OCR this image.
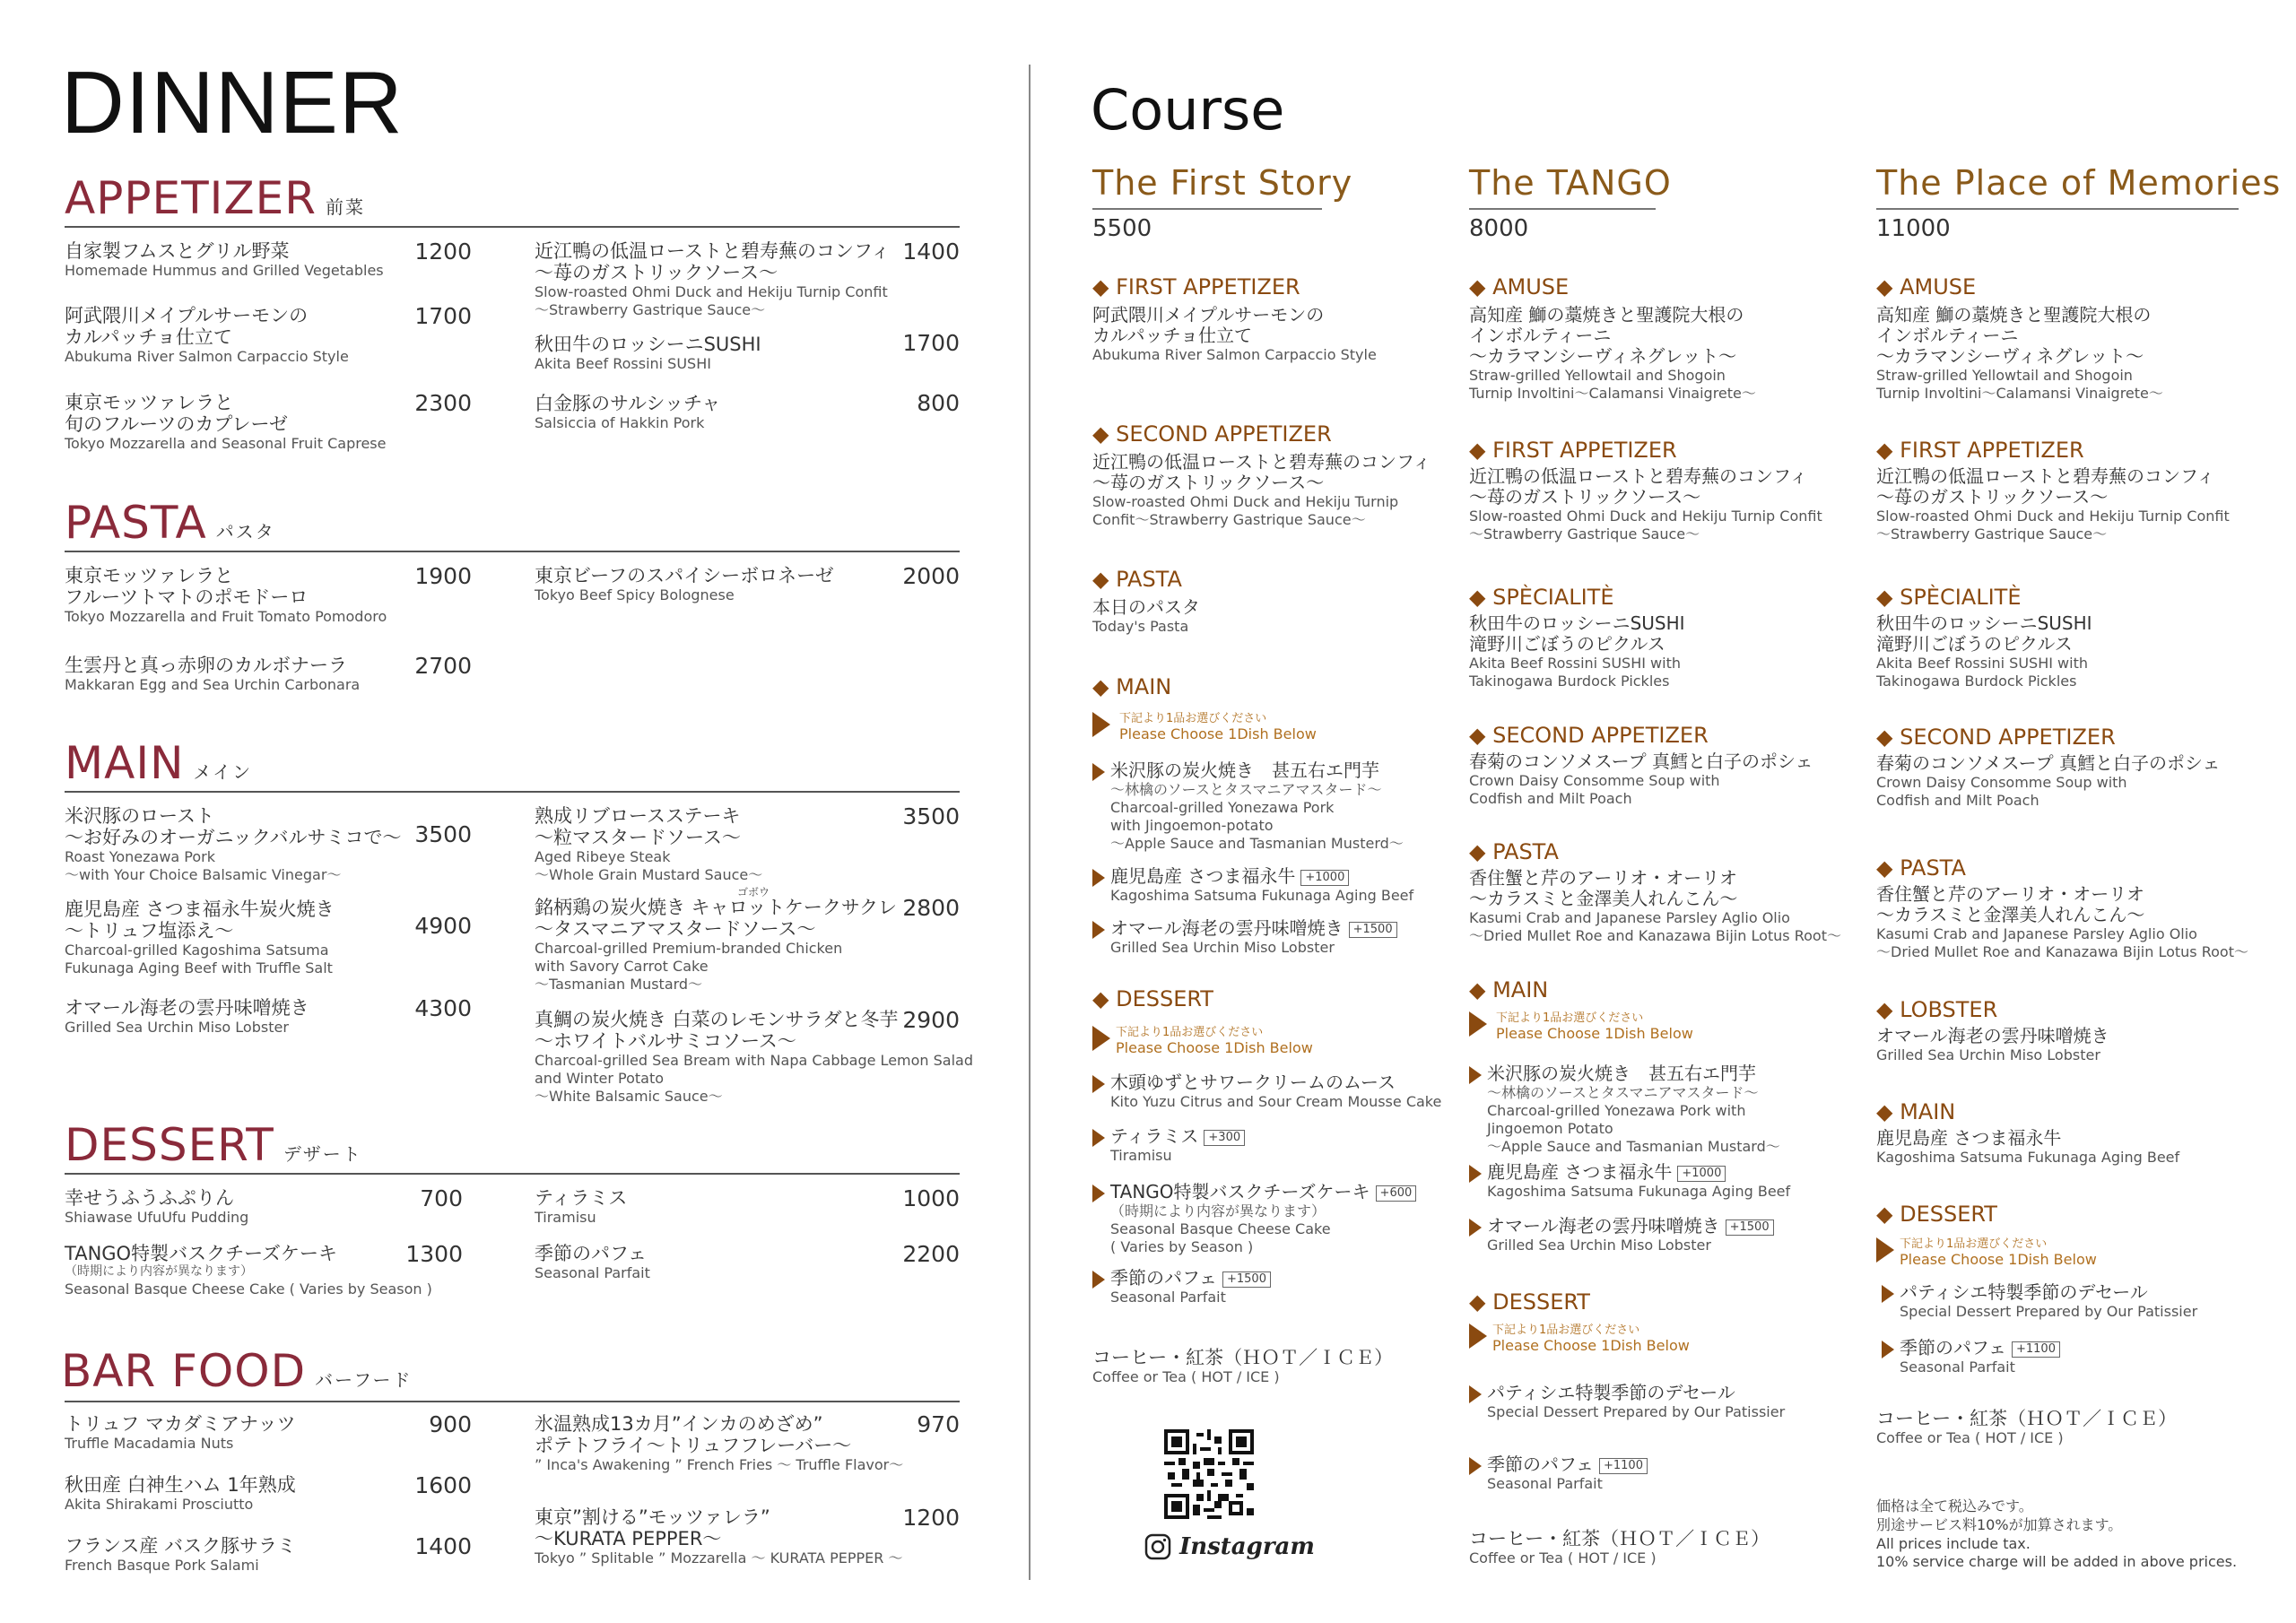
DINNER
APPETIZER 前菜
自家製フムスとグリル野菜
Homemade Hummus and Grilled Vegetables
1200
阿武隈川メイプルサーモンの
カルパッチョ仕立て
Abukuma River Salmon Carpaccio Style
1700
東京モッツァレラと
旬のフルーツのカプレーゼ
Tokyo Mozzarella and Seasonal Fruit Caprese
2300
近江鴨の低温ローストと碧寿蕪のコンフィ
～苺のガストリックソース～
Slow-roasted Ohmi Duck and Hekiju Turnip Confit
～Strawberry Gastrique Sauce～
1400
秋田牛のロッシーニSUSHI
Akita Beef Rossini SUSHI
1700
白金豚のサルシッチャ
Salsiccia of Hakkin Pork
800
PASTA パスタ
東京モッツァレラと
フルーツトマトのポモドーロ
Tokyo Mozzarella and Fruit Tomato Pomodoro
1900
生雲丹と真っ赤卵のカルボナーラ
Makkaran Egg and Sea Urchin Carbonara
2700
東京ビーフのスパイシーボロネーゼ
Tokyo Beef Spicy Bolognese
2000
MAIN メイン
米沢豚のロースト
～お好みのオーガニックバルサミコで～
Roast Yonezawa Pork
～with Your Choice Balsamic Vinegar～
3500
鹿児島産 さつま福永牛炭火焼き
～トリュフ塩添え～
Charcoal-grilled Kagoshima Satsuma
Fukunaga Aging Beef with Truffle Salt
4900
オマール海老の雲丹味噌焼き
Grilled Sea Urchin Miso Lobster
4300
熟成リブロースステーキ
～粒マスタードソース～
Aged Ribeye Steak
～Whole Grain Mustard Sauce～
3500
ゴボウ
銘柄鶏の炭火焼き キャロットケークサクレ
～タスマニアマスタードソース～
Charcoal-grilled Premium-branded Chicken
with Savory Carrot Cake
～Tasmanian Mustard～
2800
真鯛の炭火焼き 白菜のレモンサラダと冬芋
～ホワイトバルサミコソース～
Charcoal-grilled Sea Bream with Napa Cabbage Lemon Salad
and Winter Potato
～White Balsamic Sauce～
2900
DESSERT デザート
幸せうふうふぷりん
Shiawase UfuUfu Pudding
700
TANGO特製バスクチーズケーキ
（時期により内容が異なります）
Seasonal Basque Cheese Cake ( Varies by Season )
1300
ティラミス
Tiramisu
1000
季節のパフェ
Seasonal Parfait
2200
BAR FOOD バーフード
トリュフ マカダミアナッツ
Truffle Macadamia Nuts
900
秋田産 白神生ハム 1年熟成
Akita Shirakami Prosciutto
1600
フランス産 バスク豚サラミ
French Basque Pork Salami
1400
氷温熟成13カ月”インカのめざめ”
ポテトフライ～トリュフフレーバー～
” Inca's Awakening ” French Fries ～ Truffle Flavor～
970
東京”割ける”モッツァレラ”
～KURATA PEPPER～
Tokyo ” Splitable ” Mozzarella ～ KURATA PEPPER ～
1200
Course
The First Story
5500
◆ FIRST APPETIZER
阿武隈川メイプルサーモンの
カルパッチョ仕立て
Abukuma River Salmon Carpaccio Style
◆ SECOND APPETIZER
近江鴨の低温ローストと碧寿蕪のコンフィ
～苺のガストリックソース～
Slow-roasted Ohmi Duck and Hekiju Turnip
Confit～Strawberry Gastrique Sauce～
◆ PASTA
本日のパスタ
Today's Pasta
◆ MAIN
下記より1品お選びください
Please Choose 1Dish Below
米沢豚の炭火焼き　甚五右エ門芋
～林檎のソースとタスマニアマスタード～
Charcoal-grilled Yonezawa Pork
with Jingoemon-potato
～Apple Sauce and Tasmanian Musterd～
鹿児島産 さつま福永牛 +1000
Kagoshima Satsuma Fukunaga Aging Beef
オマール海老の雲丹味噌焼き +1500
Grilled Sea Urchin Miso Lobster
◆ DESSERT
下記より1品お選びください
Please Choose 1Dish Below
木頭ゆずとサワークリームのムース
Kito Yuzu Citrus and Sour Cream Mousse Cake
ティラミス +300
Tiramisu
TANGO特製バスクチーズケーキ +600
（時期により内容が異なります）
Seasonal Basque Cheese Cake
( Varies by Season )
季節のパフェ +1500
Seasonal Parfait
コーヒー・紅茶（ＨＯＴ／ＩＣＥ）
Coffee or Tea ( HOT / ICE )
Instagram
The TANGO
8000
◆ AMUSE
高知産 鰤の藁焼きと聖護院大根の
インボルティーニ
～カラマンシーヴィネグレット～
Straw-grilled Yellowtail and Shogoin
Turnip Involtini～Calamansi Vinaigrete～
◆ FIRST APPETIZER
近江鴨の低温ローストと碧寿蕪のコンフィ
～苺のガストリックソース～
Slow-roasted Ohmi Duck and Hekiju Turnip Confit
～Strawberry Gastrique Sauce～
◆ SPÈCIALITÈ
秋田牛のロッシーニSUSHI
滝野川ごぼうのピクルス
Akita Beef Rossini SUSHI with
Takinogawa Burdock Pickles
◆ SECOND APPETIZER
春菊のコンソメスープ 真鱈と白子のポシェ
Crown Daisy Consomme Soup with
Codfish and Milt Poach
◆ PASTA
香住蟹と芹のアーリオ・オーリオ
～カラスミと金澤美人れんこん～
Kasumi Crab and Japanese Parsley Aglio Olio
～Dried Mullet Roe and Kanazawa Bijin Lotus Root～
◆ MAIN
下記より1品お選びください
Please Choose 1Dish Below
米沢豚の炭火焼き　甚五右エ門芋
～林檎のソースとタスマニアマスタード～
Charcoal-grilled Yonezawa Pork with
Jingoemon Potato
～Apple Sauce and Tasmanian Mustard～
鹿児島産 さつま福永牛 +1000
Kagoshima Satsuma Fukunaga Aging Beef
オマール海老の雲丹味噌焼き +1500
Grilled Sea Urchin Miso Lobster
◆ DESSERT
下記より1品お選びください
Please Choose 1Dish Below
パティシエ特製季節のデセール
Special Dessert Prepared by Our Patissier
季節のパフェ +1100
Seasonal Parfait
コーヒー・紅茶（ＨＯＴ／ＩＣＥ）
Coffee or Tea ( HOT / ICE )
The Place of Memories
11000
◆ AMUSE
高知産 鰤の藁焼きと聖護院大根の
インボルティーニ
～カラマンシーヴィネグレット～
Straw-grilled Yellowtail and Shogoin
Turnip Involtini～Calamansi Vinaigrete～
◆ FIRST APPETIZER
近江鴨の低温ローストと碧寿蕪のコンフィ
～苺のガストリックソース～
Slow-roasted Ohmi Duck and Hekiju Turnip Confit
～Strawberry Gastrique Sauce～
◆ SPÈCIALITÈ
秋田牛のロッシーニSUSHI
滝野川ごぼうのピクルス
Akita Beef Rossini SUSHI with
Takinogawa Burdock Pickles
◆ SECOND APPETIZER
春菊のコンソメスープ 真鱈と白子のポシェ
Crown Daisy Consomme Soup with
Codfish and Milt Poach
◆ PASTA
香住蟹と芹のアーリオ・オーリオ
～カラスミと金澤美人れんこん～
Kasumi Crab and Japanese Parsley Aglio Olio
～Dried Mullet Roe and Kanazawa Bijin Lotus Root～
◆ LOBSTER
オマール海老の雲丹味噌焼き
Grilled Sea Urchin Miso Lobster
◆ MAIN
鹿児島産 さつま福永牛
Kagoshima Satsuma Fukunaga Aging Beef
◆ DESSERT
下記より1品お選びください
Please Choose 1Dish Below
パティシエ特製季節のデセール
Special Dessert Prepared by Our Patissier
季節のパフェ +1100
Seasonal Parfait
コーヒー・紅茶（ＨＯＴ／ＩＣＥ）
Coffee or Tea ( HOT / ICE )
価格は全て税込みです。
別途サービス料10%が加算されます。
All prices include tax.
10% service charge will be added in above prices.
